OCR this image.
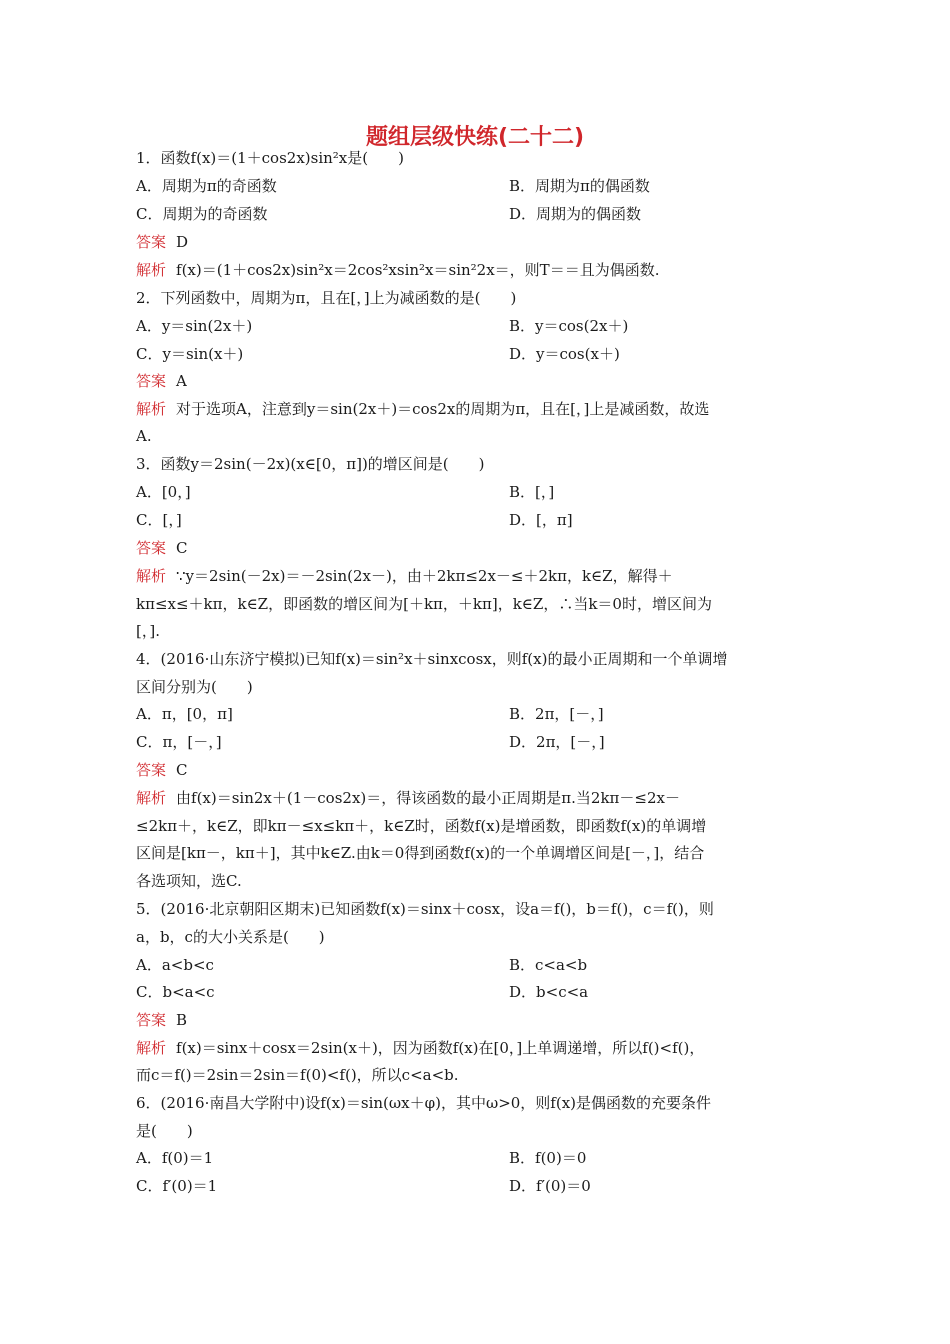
题组层级快练(二十二)
1．函数f(x)＝(1＋cos2x)sin²x是(　　)
A．周期为π的奇函数	B．周期为π的偶函数
C．周期为的奇函数	D．周期为的偶函数
答案 D
解析 f(x)＝(1＋cos2x)sin²x＝2cos²xsin²x＝sin²2x＝，则T＝＝且为偶函数.
2．下列函数中，周期为π，且在[，]上为减函数的是(　　)
A．y＝sin(2x＋)	B．y＝cos(2x＋)
C．y＝sin(x＋)	D．y＝cos(x＋)
答案 A
解析 对于选项A，注意到y＝sin(2x＋)＝cos2x的周期为π，且在[，]上是减函数，故选
A.
3．函数y＝2sin(－2x)(x∈[0，π])的增区间是(　　)
A．[0，]	B．[，]
C．[，]	D．[，π]
答案 C
解析 ∵y＝2sin(－2x)＝－2sin(2x－)，由＋2kπ≤2x－≤＋2kπ，k∈Z，解得＋
kπ≤x≤＋kπ，k∈Z，即函数的增区间为[＋kπ，＋kπ]，k∈Z，∴当k＝0时，增区间为
[，].
4．(2016·山东济宁模拟)已知f(x)＝sin²x＋sinxcosx，则f(x)的最小正周期和一个单调增
区间分别为(　　)
A．π，[0，π]	B．2π，[－，]
C．π，[－，]	D．2π，[－，]
答案 C
解析 由f(x)＝sin2x＋(1－cos2x)＝，得该函数的最小正周期是π.当2kπ－≤2x－
≤2kπ＋，k∈Z，即kπ－≤x≤kπ＋，k∈Z时，函数f(x)是增函数，即函数f(x)的单调增
区间是[kπ－，kπ＋]，其中k∈Z.由k＝0得到函数f(x)的一个单调增区间是[－，]，结合
各选项知，选C.
5．(2016·北京朝阳区期末)已知函数f(x)＝sinx＋cosx，设a＝f()，b＝f()，c＝f()，则
a，b，c的大小关系是(　　)
A．a<b<c	B．c<a<b
C．b<a<c	D．b<c<a
答案 B
解析 f(x)＝sinx＋cosx＝2sin(x＋)，因为函数f(x)在[0，]上单调递增，所以f()<f()，
而c＝f()＝2sin＝2sin＝f(0)<f()，所以c<a<b.
6．(2016·南昌大学附中)设f(x)＝sin(ωx＋φ)，其中ω>0，则f(x)是偶函数的充要条件
是(　　)
A．f(0)＝1	B．f(0)＝0
C．f′(0)＝1	D．f′(0)＝0
